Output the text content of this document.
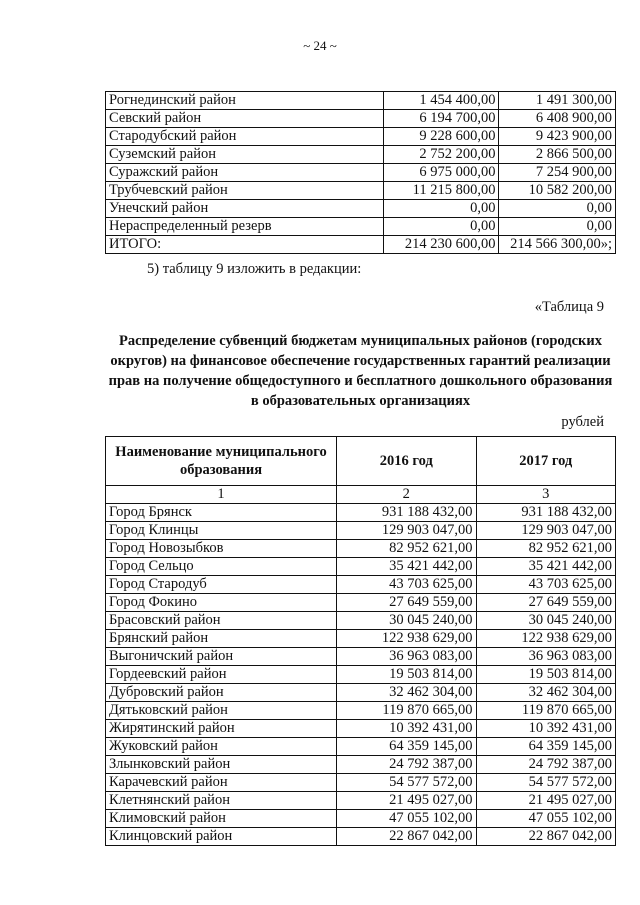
~ 24 ~
Рогнединский район	1 454 400,00	1 491 300,00
Севский район	6 194 700,00	6 408 900,00
Стародубский район	9 228 600,00	9 423 900,00
Суземский район	2 752 200,00	2 866 500,00
Суражский район	6 975 000,00	7 254 900,00
Трубчевский район	11 215 800,00	10 582 200,00
Унечский район	0,00	0,00
Нераспределенный резерв	0,00	0,00
ИТОГО:	214 230 600,00	214 566 300,00»;
5) таблицу 9 изложить в редакции:
«Таблица 9
Распределение субвенций бюджетам муниципальных районов (городских округов) на финансовое обеспечение государственных гарантий реализации прав на получение общедоступного и бесплатного дошкольного образования в образовательных организациях
рублей
Наименование муниципального образования	2016 год	2017 год
1	2	3
Город Брянск	931 188 432,00	931 188 432,00
Город Клинцы	129 903 047,00	129 903 047,00
Город Новозыбков	82 952 621,00	82 952 621,00
Город Сельцо	35 421 442,00	35 421 442,00
Город Стародуб	43 703 625,00	43 703 625,00
Город Фокино	27 649 559,00	27 649 559,00
Брасовский район	30 045 240,00	30 045 240,00
Брянский район	122 938 629,00	122 938 629,00
Выгоничский район	36 963 083,00	36 963 083,00
Гордеевский район	19 503 814,00	19 503 814,00
Дубровский район	32 462 304,00	32 462 304,00
Дятьковский район	119 870 665,00	119 870 665,00
Жирятинский район	10 392 431,00	10 392 431,00
Жуковский район	64 359 145,00	64 359 145,00
Злынковский район	24 792 387,00	24 792 387,00
Карачевский район	54 577 572,00	54 577 572,00
Клетнянский район	21 495 027,00	21 495 027,00
Климовский район	47 055 102,00	47 055 102,00
Клинцовский район	22 867 042,00	22 867 042,00
